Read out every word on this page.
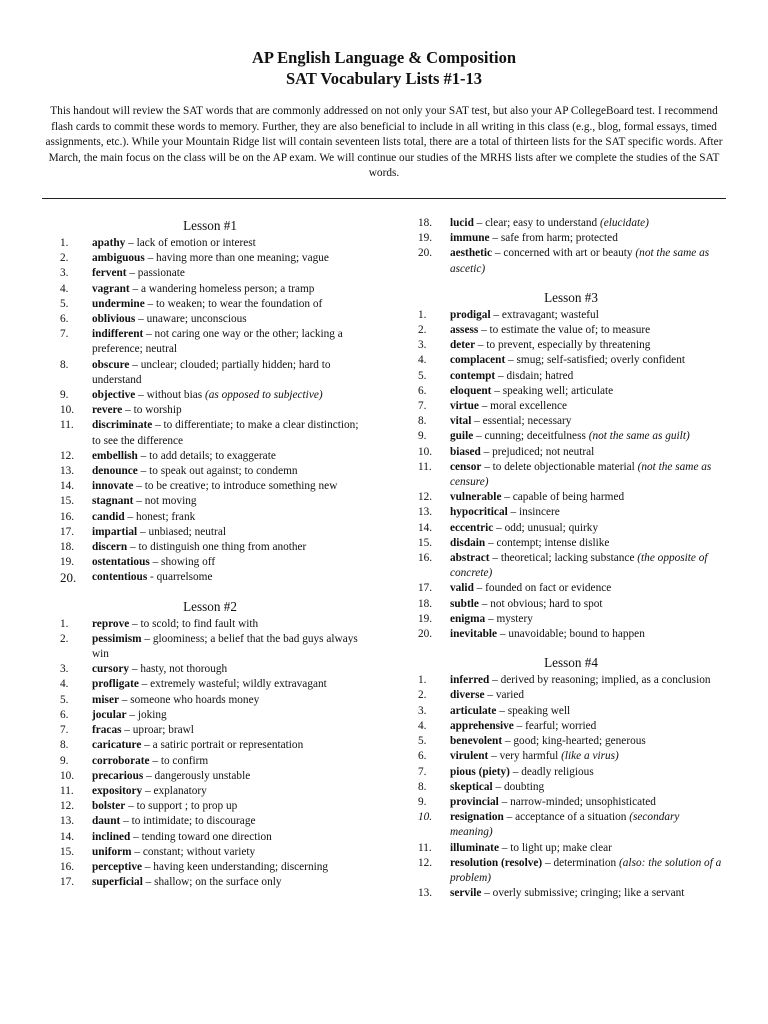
AP English Language & Composition
SAT Vocabulary Lists #1-13
This handout will review the SAT words that are commonly addressed on not only your SAT test, but also your AP CollegeBoard test. I recommend flash cards to commit these words to memory. Further, they are also beneficial to include in all writing in this class (e.g., blog, formal essays, timed assignments, etc.). While your Mountain Ridge list will contain seventeen lists total, there are a total of thirteen lists for the SAT specific words. After March, the main focus on the class will be on the AP exam. We will continue our studies of the MRHS lists after we complete the studies of the SAT words.
Lesson #1
1.	apathy – lack of emotion or interest
2.	ambiguous – having more than one meaning; vague
3.	fervent – passionate
4.	vagrant – a wandering homeless person; a tramp
5.	undermine – to weaken; to wear the foundation of
6.	oblivious – unaware; unconscious
7.	indifferent – not caring one way or the other; lacking a preference; neutral
8.	obscure – unclear; clouded; partially hidden; hard to understand
9.	objective – without bias (as opposed to subjective)
10.	revere – to worship
11.	discriminate – to differentiate; to make a clear distinction; to see the difference
12.	embellish – to add details; to exaggerate
13.	denounce – to speak out against; to condemn
14.	innovate – to be creative; to introduce something new
15.	stagnant – not moving
16.	candid – honest; frank
17.	impartial – unbiased; neutral
18.	discern – to distinguish one thing from another
19.	ostentatious – showing off
20.	contentious - quarrelsome
Lesson #2
1.	reprove – to scold; to find fault with
2.	pessimism – gloominess; a belief that the bad guys always win
3.	cursory – hasty, not thorough
4.	profligate – extremely wasteful; wildly extravagant
5.	miser – someone who hoards money
6.	jocular – joking
7.	fracas – uproar; brawl
8.	caricature – a satiric portrait or representation
9.	corroborate – to confirm
10.	precarious – dangerously unstable
11.	expository – explanatory
12.	bolster – to support ; to prop up
13.	daunt – to intimidate; to discourage
14.	inclined – tending toward one direction
15.	uniform – constant; without variety
16.	perceptive – having keen understanding; discerning
17.	superficial – shallow; on the surface only
18.	lucid – clear; easy to understand (elucidate)
19.	immune – safe from harm; protected
20.	aesthetic – concerned with art or beauty (not the same as ascetic)
Lesson #3
1.	prodigal – extravagant; wasteful
2.	assess – to estimate the value of; to measure
3.	deter – to prevent, especially by threatening
4.	complacent – smug; self-satisfied; overly confident
5.	contempt – disdain; hatred
6.	eloquent – speaking well; articulate
7.	virtue – moral excellence
8.	vital – essential; necessary
9.	guile – cunning; deceitfulness (not the same as guilt)
10.	biased – prejudiced; not neutral
11.	censor – to delete objectionable material (not the same as censure)
12.	vulnerable – capable of being harmed
13.	hypocritical – insincere
14.	eccentric – odd; unusual; quirky
15.	disdain – contempt; intense dislike
16.	abstract – theoretical; lacking substance (the opposite of concrete)
17.	valid – founded on fact or evidence
18.	subtle – not obvious; hard to spot
19.	enigma – mystery
20.	inevitable – unavoidable; bound to happen
Lesson #4
1.	inferred – derived by reasoning; implied, as a conclusion
2.	diverse – varied
3.	articulate – speaking well
4.	apprehensive – fearful; worried
5.	benevolent – good; king-hearted; generous
6.	virulent – very harmful (like a virus)
7.	pious (piety) – deadly religious
8.	skeptical – doubting
9.	provincial – narrow-minded; unsophisticated
10.	resignation – acceptance of a situation (secondary meaning)
11.	illuminate – to light up; make clear
12.	resolution (resolve) – determination (also: the solution of a problem)
13.	servile – overly submissive; cringing; like a servant
